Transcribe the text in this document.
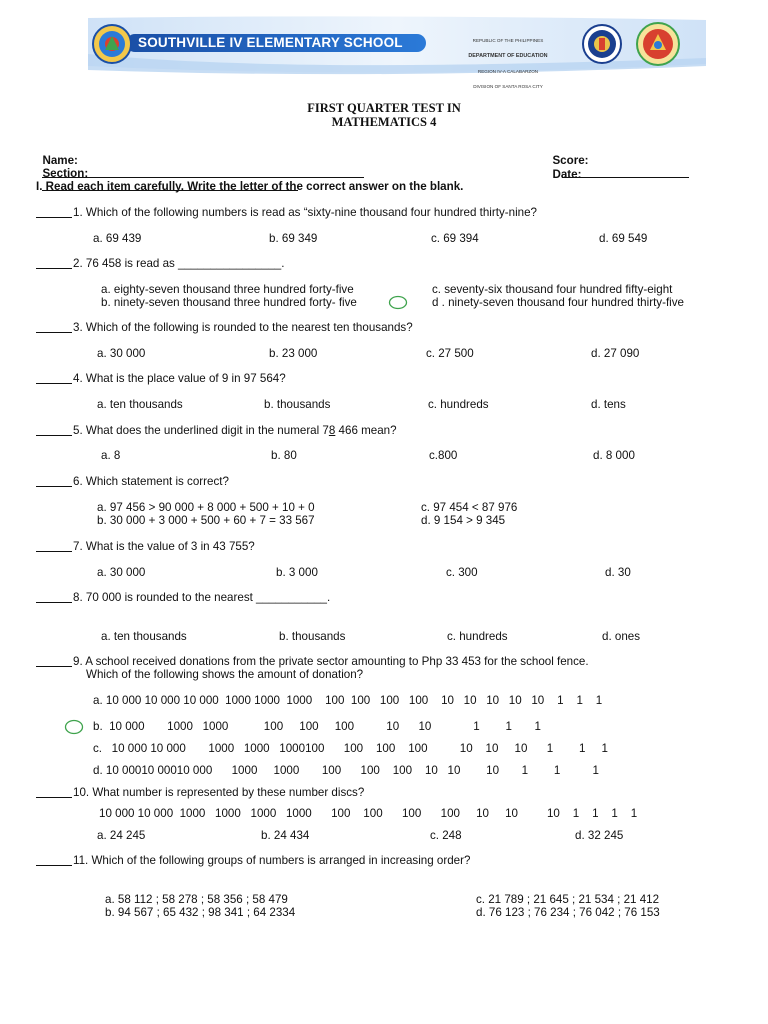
SOUTHVILLE IV ELEMENTARY SCHOOL

	REPUBLIC OF THE PHILIPPINES

DEPARTMENT OF EDUCATION

REGION IV-A CALABARZON

DIVISION OF SANTA ROSA CITY

FIRST QUARTER TEST IN
MATHEMATICS 4

Name:

Section:

Score:

Date:

I. Read each item carefully. Write the letter of the correct answer on the blank.
1. Which of the following numbers is read as “sixty-nine thousand four hundred thirty-nine?
a. 69 439	b. 69 349	c. 69 394	d. 69 549
2. 76 458 is read as ________________.
a. eighty-seven thousand three hundred forty-five
b. ninety-seven thousand three hundred forty- five
c. seventy-six thousand four hundred fifty-eight
d . ninety-seven thousand four hundred thirty-five
3. Which of the following is rounded to the nearest ten thousands?
a. 30 000	b. 23 000	c. 27 500	d. 27 090
4. What is the place value of 9 in 97 564?
a. ten thousands	b. thousands	c. hundreds	d. tens
5. What does the underlined digit in the numeral 78 466 mean?
a. 8	b. 80	c.800	d. 8 000
6. Which statement is correct?
a. 97 456 > 90 000 + 8 000 + 500 + 10 + 0
b. 30 000 + 3 000 + 500 + 60 + 7 = 33 567
c. 97 454 < 87 976
d. 9 154 > 9 345
7. What is the value of 3 in 43 755?
a. 30 000	b. 3 000	c. 300	d. 30
8. 70 000 is rounded to the nearest ___________.
a. ten thousands	b. thousands	c. hundreds	d. ones
9. A school received donations from the private sector amounting to Php 33 453 for the school fence.
Which of the following shows the amount of donation?
a. 10 000 10 000 10 000  1000 1000  1000    100  100   100   100    10   10   10   10   10    1    1    1
b.  10 000       1000   1000           100     100     100          10      10             1        1       1
c.   10 000 10 000       1000   1000   1000100      100    100    100          10    10     10      1        1     1
d. 10 00010 00010 000      1000     1000       100      100    100    10   10        10       1        1          1
10. What number is represented by these number discs?
10 000 10 000  1000   1000   1000   1000      100    100      100      100     10     10         10    1    1    1    1
a. 24 245	b. 24 434	c. 248	d. 32 245
11. Which of the following groups of numbers is arranged in increasing order?
a. 58 112 ; 58 278 ; 58 356 ; 58 479
b. 94 567 ; 65 432 ; 98 341 ; 64 2334
c. 21 789 ; 21 645 ; 21 534 ; 21 412
d. 76 123 ; 76 234 ; 76 042 ; 76 153
